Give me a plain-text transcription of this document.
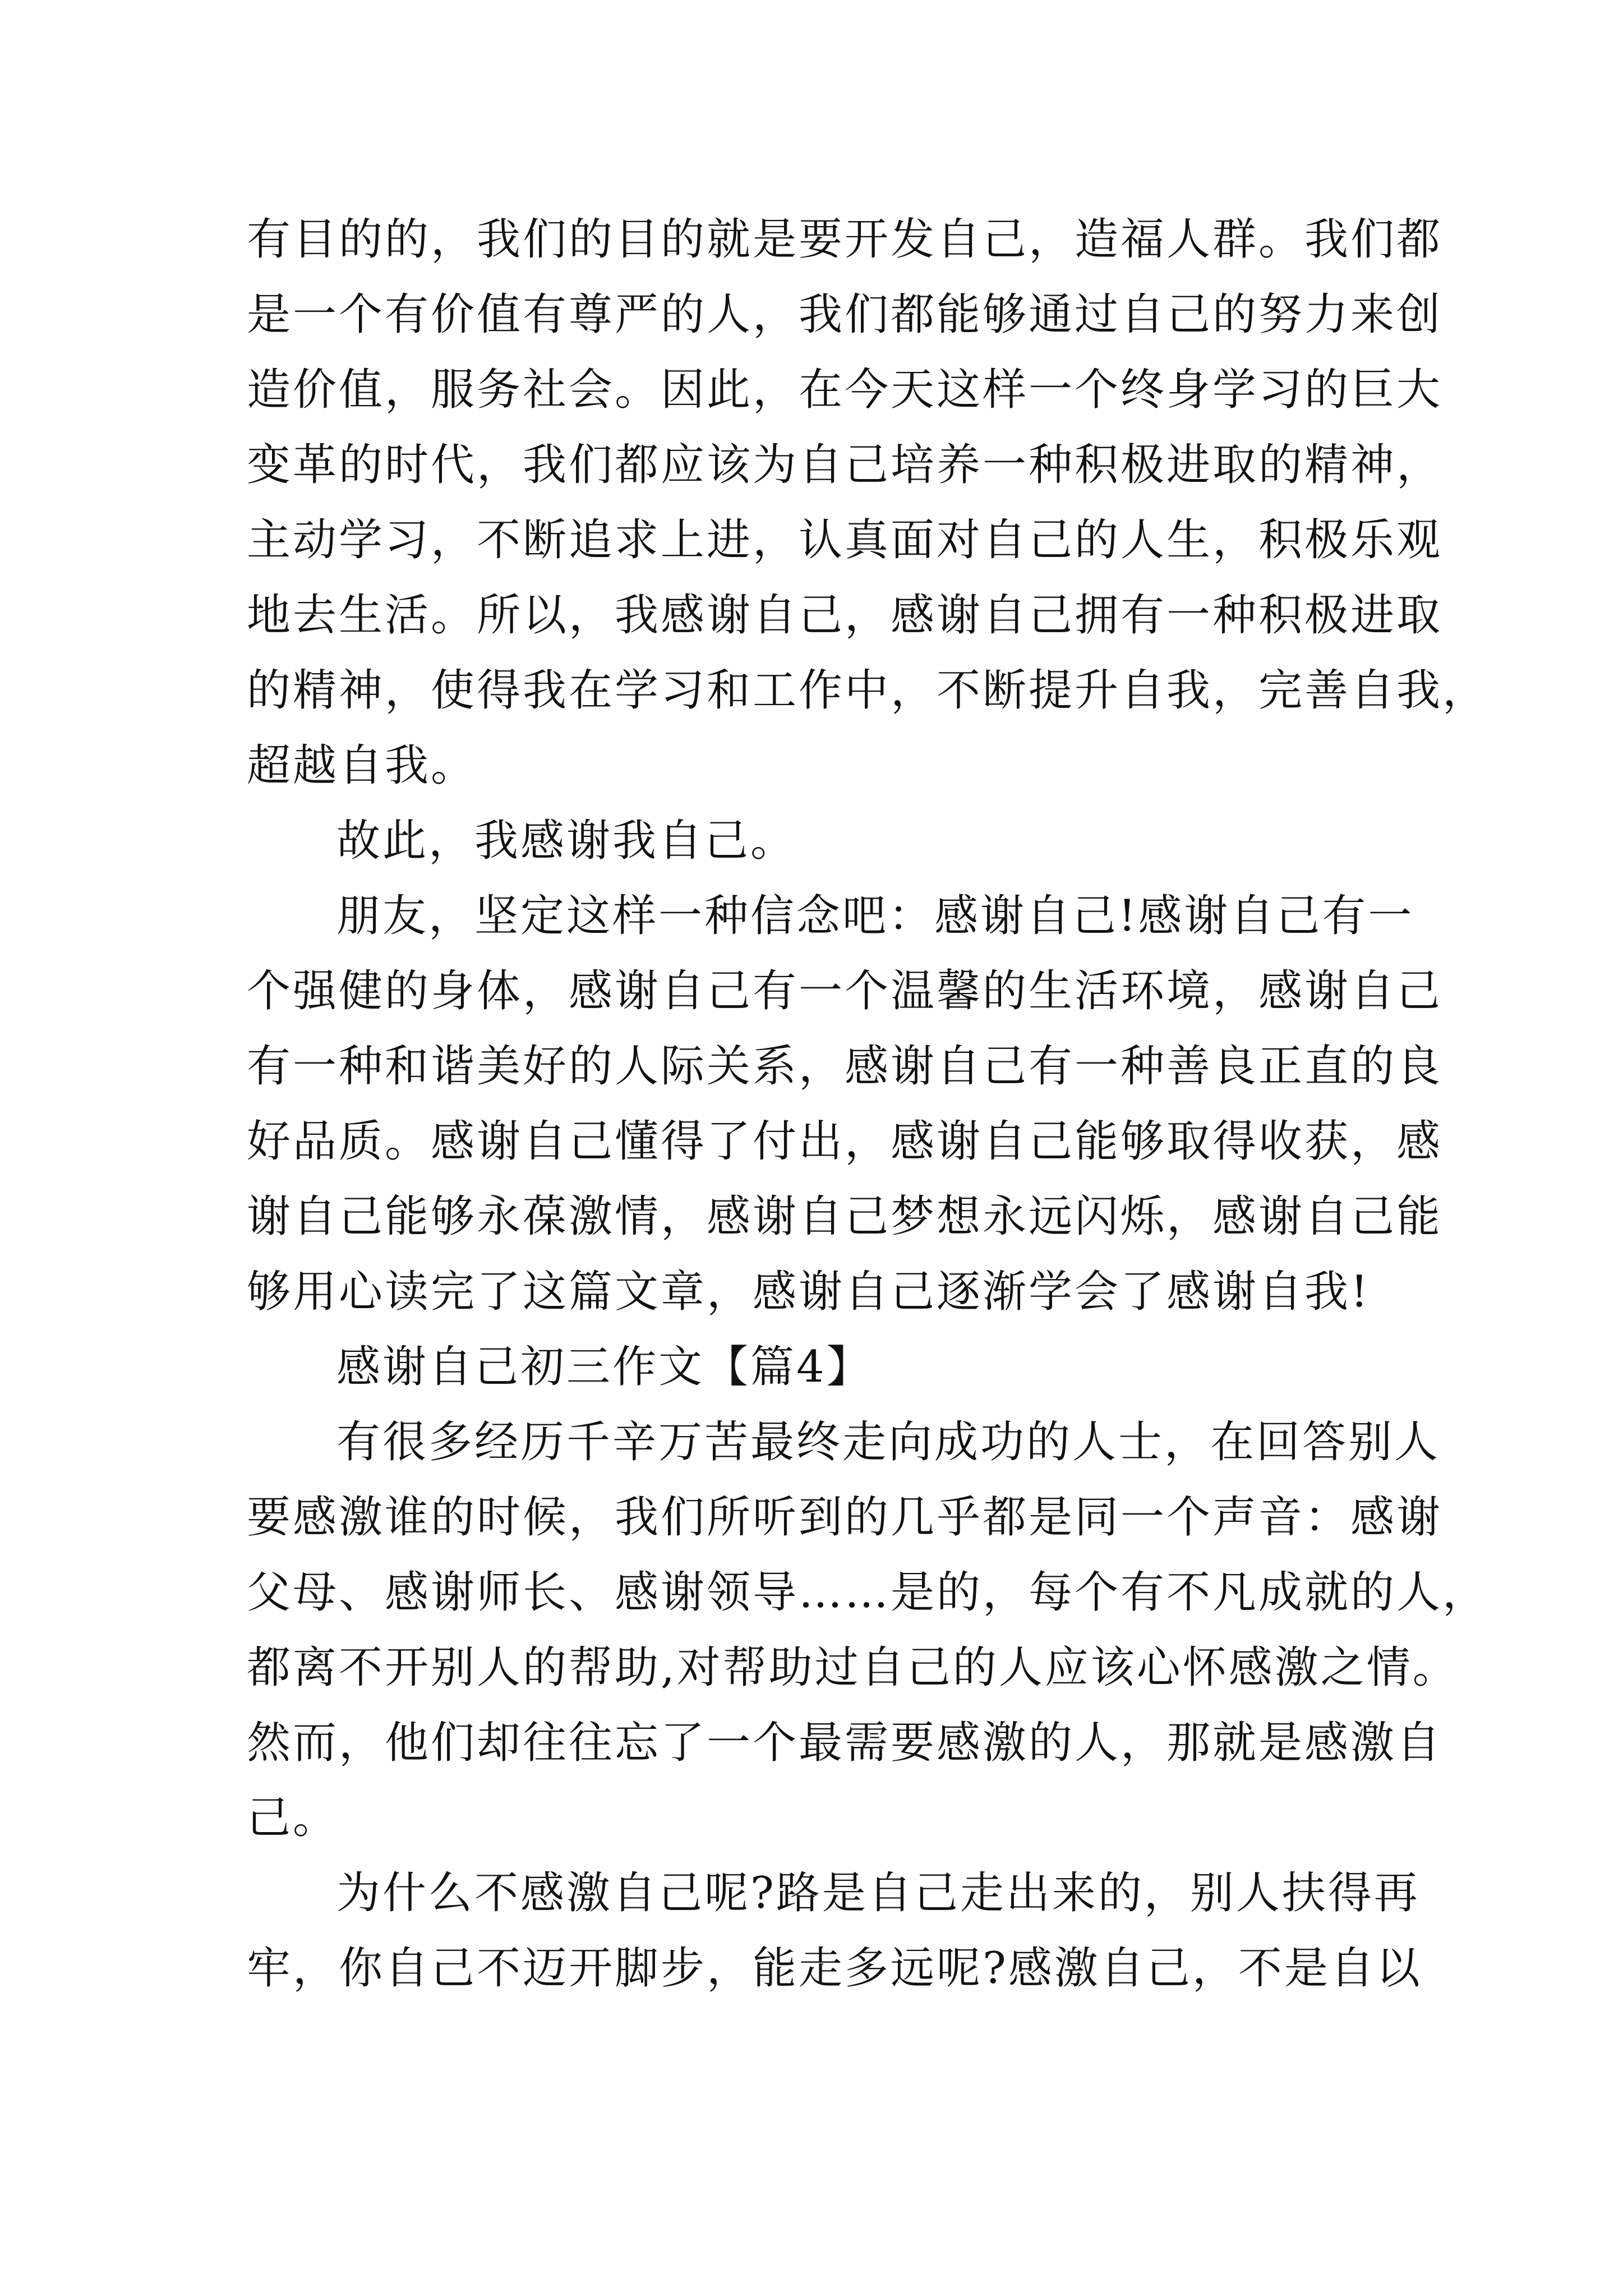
有目的的，我们的目的就是要开发自己，造福人群。我们都
是一个有价值有尊严的人，我们都能够通过自己的努力来创
造价值，服务社会。因此，在今天这样一个终身学习的巨大
变革的时代，我们都应该为自己培养一种积极进取的精神，
主动学习，不断追求上进，认真面对自己的人生，积极乐观
地去生活。所以，我感谢自己，感谢自己拥有一种积极进取
的精神，使得我在学习和工作中，不断提升自我，完善自我，
超越自我。
故此，我感谢我自己。
朋友，坚定这样一种信念吧：感谢自己!感谢自己有一
个强健的身体，感谢自己有一个温馨的生活环境，感谢自己
有一种和谐美好的人际关系，感谢自己有一种善良正直的良
好品质。感谢自己懂得了付出，感谢自己能够取得收获，感
谢自己能够永葆激情，感谢自己梦想永远闪烁，感谢自己能
够用心读完了这篇文章，感谢自己逐渐学会了感谢自我!
感谢自己初三作文【篇4】
有很多经历千辛万苦最终走向成功的人士，在回答别人
要感激谁的时候，我们所听到的几乎都是同一个声音：感谢
父母、感谢师长、感谢领导……是的，每个有不凡成就的人，
都离不开别人的帮助,对帮助过自己的人应该心怀感激之情。
然而，他们却往往忘了一个最需要感激的人，那就是感激自
己。
为什么不感激自己呢?路是自己走出来的，别人扶得再
牢，你自己不迈开脚步，能走多远呢?感激自己，不是自以
